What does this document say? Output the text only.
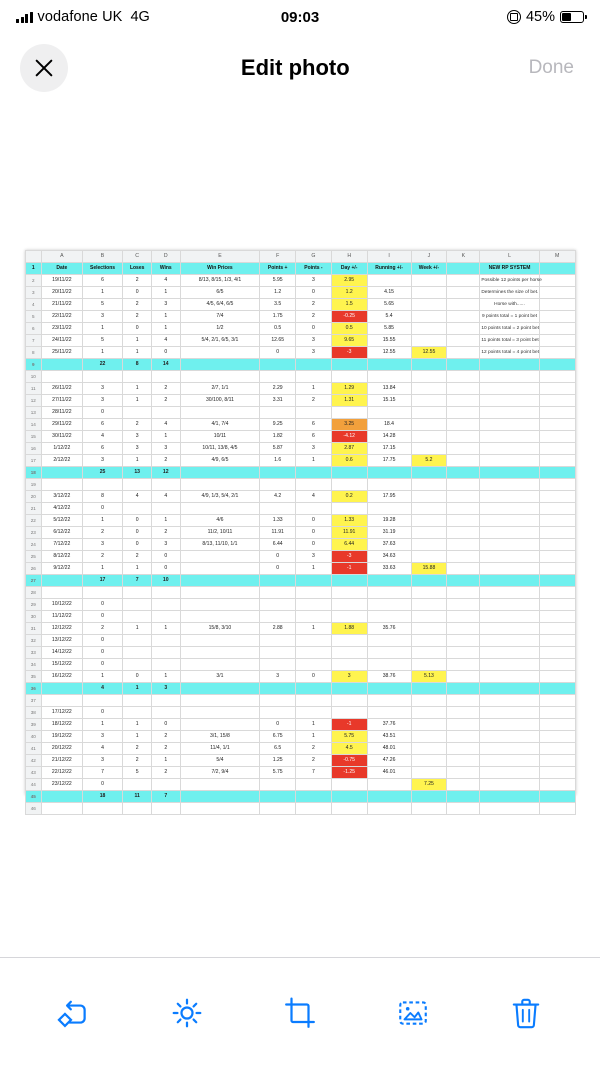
vodafone UK 4G	09:03	45%
Edit photo	Done
	A	B	C	D	E	F	G	H	I	J	K	L	M
1	Date	Selections	Loses	Wins	Win Prices	Points +	Points -	Day +/-	Running +/-	Week +/-		NEW RP SYSTEM	
2	19/11/22	6	2	4	8/13, 8/15, 1/3, 4/1	5.95	3	2.95				Possible 12 points per horse	
3	20/11/22	1	0	1	6/5	1.2	0	1.2	4.15			Determines the size of bet.	
4	21/11/22	5	2	3	4/5, 6/4, 6/5	3.5	2	1.5	5.65			Horse with......	
5	22/11/22	3	2	1	7/4	1.75	2	-0.25	5.4			9 points total = 1 point bet	
6	23/11/22	1	0	1	1/2	0.5	0	0.5	5.85			10 points total = 2 point bet	
7	24/11/22	5	1	4	5/4, 2/1, 6/5, 3/1	12.65	3	9.65	15.55			11 points total = 3 point bet	
8	25/11/22	1	1	0		0	3	-3	12.55	12.55		12 points total = 4 point bet	
9		22	8	14									
10													
11	26/11/22	3	1	2	2/7, 1/1	2.29	1	1.29	13.84				
12	27/11/22	3	1	2	30/100, 8/11	3.31	2	1.31	15.15				
13	28/11/22	0											
14	29/11/22	6	2	4	4/1, 7/4	9.25	6	3.25	18.4				
15	30/11/22	4	3	1	10/11	1.82	6	-4.12	14.28				
16	1/12/22	6	3	3	10/11, 13/8, 4/5	5.87	3	2.87	17.15				
17	2/12/22	3	1	2	4/9, 6/5	1.6	1	0.6	17.75	5.2			
18		25	13	12									
19													
20	3/12/22	8	4	4	4/9, 1/3, 5/4, 2/1	4.2	4	0.2	17.95				
21	4/12/22	0											
22	5/12/22	1	0	1	4/6	1.33	0	1.33	19.28				
23	6/12/22	2	0	2	11/2, 10/11	11.91	0	11.91	31.19				
24	7/12/22	3	0	3	8/13, 11/10, 1/1	6.44	0	6.44	37.63				
25	8/12/22	2	2	0		0	3	-3	34.63				
26	9/12/22	1	1	0		0	1	-1	33.63	15.88			
27		17	7	10									
28													
29	10/12/22	0											
30	11/12/22	0											
31	12/12/22	2	1	1	15/8, 3/10	2.88	1	1.88	35.76				
32	13/12/22	0											
33	14/12/22	0											
34	15/12/22	0											
35	16/12/22	1	0	1	3/1	3	0	3	38.76	5.13			
36		4	1	3									
37													
38	17/12/22	0											
39	18/12/22	1	1	0		0	1	-1	37.76				
40	19/12/22	3	1	2	3/1, 15/8	6.75	1	5.75	43.51				
41	20/12/22	4	2	2	11/4, 1/1	6.5	2	4.5	48.01				
42	21/12/22	3	2	1	5/4	1.25	2	-0.75	47.26				
43	22/12/22	7	5	2	7/2, 9/4	5.75	7	-1.25	46.01				
44	23/12/22	0								7.25			
45		18	11	7									
46													
